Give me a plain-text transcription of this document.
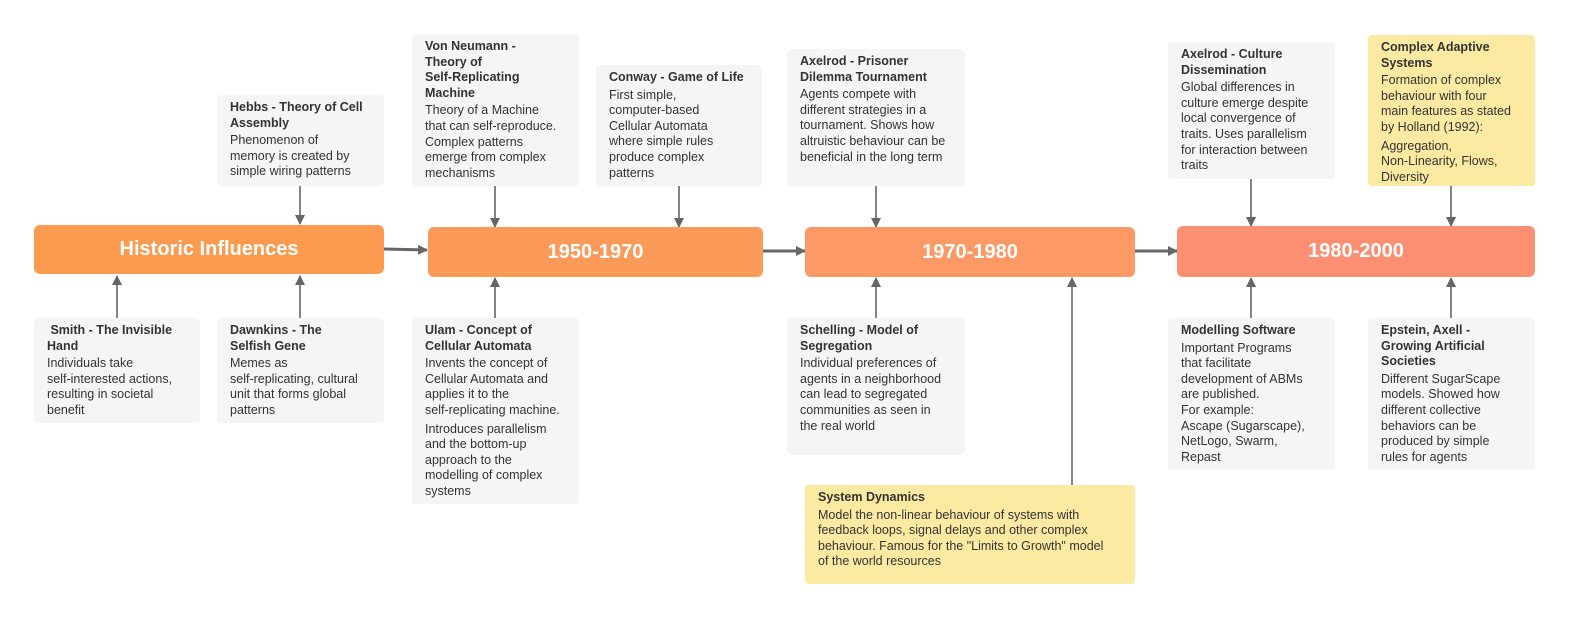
Historic Influences	1950-1970	1970-1980	1980-2000
Hebbs - Theory of Cell
Assembly
Phenomenon of
memory is created by
simple wiring patterns
Smith - The Invisible
Hand
Individuals take
self-interested actions,
resulting in societal
benefit
Dawnkins - The
Selfish Gene
Memes as
self-replicating, cultural
unit that forms global
patterns
Von Neumann -
Theory of
Self-Replicating
Machine
Theory of a Machine
that can self-reproduce.
Complex patterns
emerge from complex
mechanisms
Conway - Game of Life
First simple,
computer-based
Cellular Automata
where simple rules
produce complex
patterns
Ulam - Concept of
Cellular Automata
Invents the concept of
Cellular Automata and
applies it to the
self-replicating machine.
Introduces parallelism
and the bottom-up
approach to the
modelling of complex
systems
Axelrod - Prisoner
Dilemma Tournament
Agents compete with
different strategies in a
tournament. Shows how
altruistic behaviour can be
beneficial in the long term
Schelling - Model of
Segregation
Individual preferences of
agents in a neighborhood
can lead to segregated
communities as seen in
the real world
System Dynamics
Model the non-linear behaviour of systems with
feedback loops, signal delays and other complex
behaviour. Famous for the "Limits to Growth" model
of the world resources
Axelrod - Culture
Dissemination
Global differences in
culture emerge despite
local convergence of
traits. Uses parallelism
for interaction between
traits
Complex Adaptive
Systems
Formation of complex
behaviour with four
main features as stated
by Holland (1992):
Aggregation,
Non-Linearity, Flows,
Diversity
Modelling Software
Important Programs
that facilitate
development of ABMs
are published.
For example:
Ascape (Sugarscape),
NetLogo, Swarm,
Repast
Epstein, Axell -
Growing Artificial
Societies
Different SugarScape
models. Showed how
different collective
behaviors can be
produced by simple
rules for agents
